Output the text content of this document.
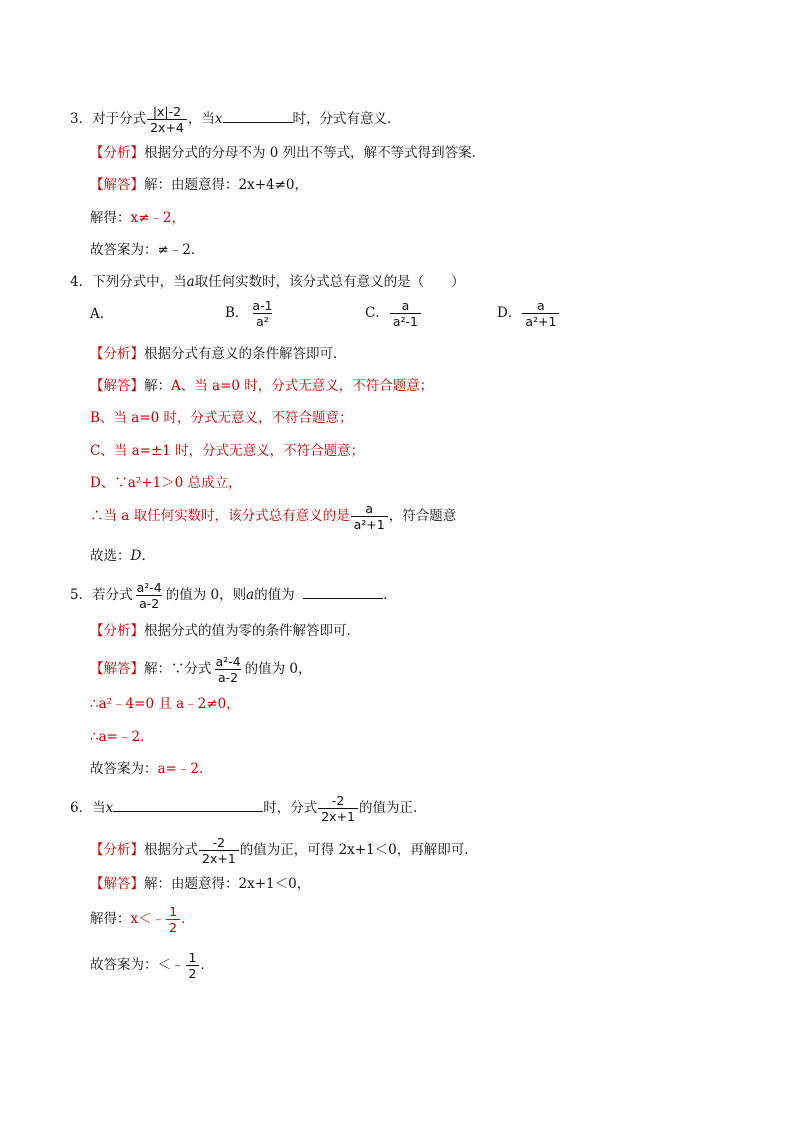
3．对于分式 $\frac{|x|-2}{2x+4}$ ，当x	时，分式有意义．
【分析】根据分式的分母不为 0 列出不等式，解不等式得到答案．
【解答】解：由题意得：2x+4≠0，
解得：x≠﹣2，
故答案为：≠﹣2．
4．下列分式中，当a取任何实数时，该分式总有意义的是（　　）
A．	B． $\frac{a-1}{\text{a²}}$	C． $\frac{a}{\text{a²-1}}$	D． $\frac{a}{\text{a²+1}}$
【分析】根据分式有意义的条件解答即可．
【解答】解：A、当 a=0 时，分式无意义，不符合题意；
B、当 a=0 时，分式无意义，不符合题意；
C、当 a=±1 时，分式无意义，不符合题意；
D、∵a²+1＞0 总成立，
∴当 a 取任何实数时，该分式总有意义的是 $\frac{a}{\text{a²+1}}$ ，符合题意
故选：D．
5．若分式 $\frac{\text{a²-4}}{a-2}$ 的值为 0，则a的值为	．
【分析】根据分式的值为零的条件解答即可．
【解答】解：∵分式 $\frac{\text{a²-4}}{a-2}$ 的值为 0，
∴a²﹣4=0 且 a﹣2≠0，
∴a=﹣2．
故答案为：a=﹣2．
6．当x	时，分式 $\frac{-2}{2x+1}$ 的值为正．
【分析】根据分式 $\frac{-2}{2x+1}$ 的值为正，可得 2x+1＜0，再解即可．
【解答】解：由题意得：2x+1＜0，
解得：x＜﹣ $\frac{1}{2}$ ．
故答案为：＜﹣ $\frac{1}{2}$ ．
